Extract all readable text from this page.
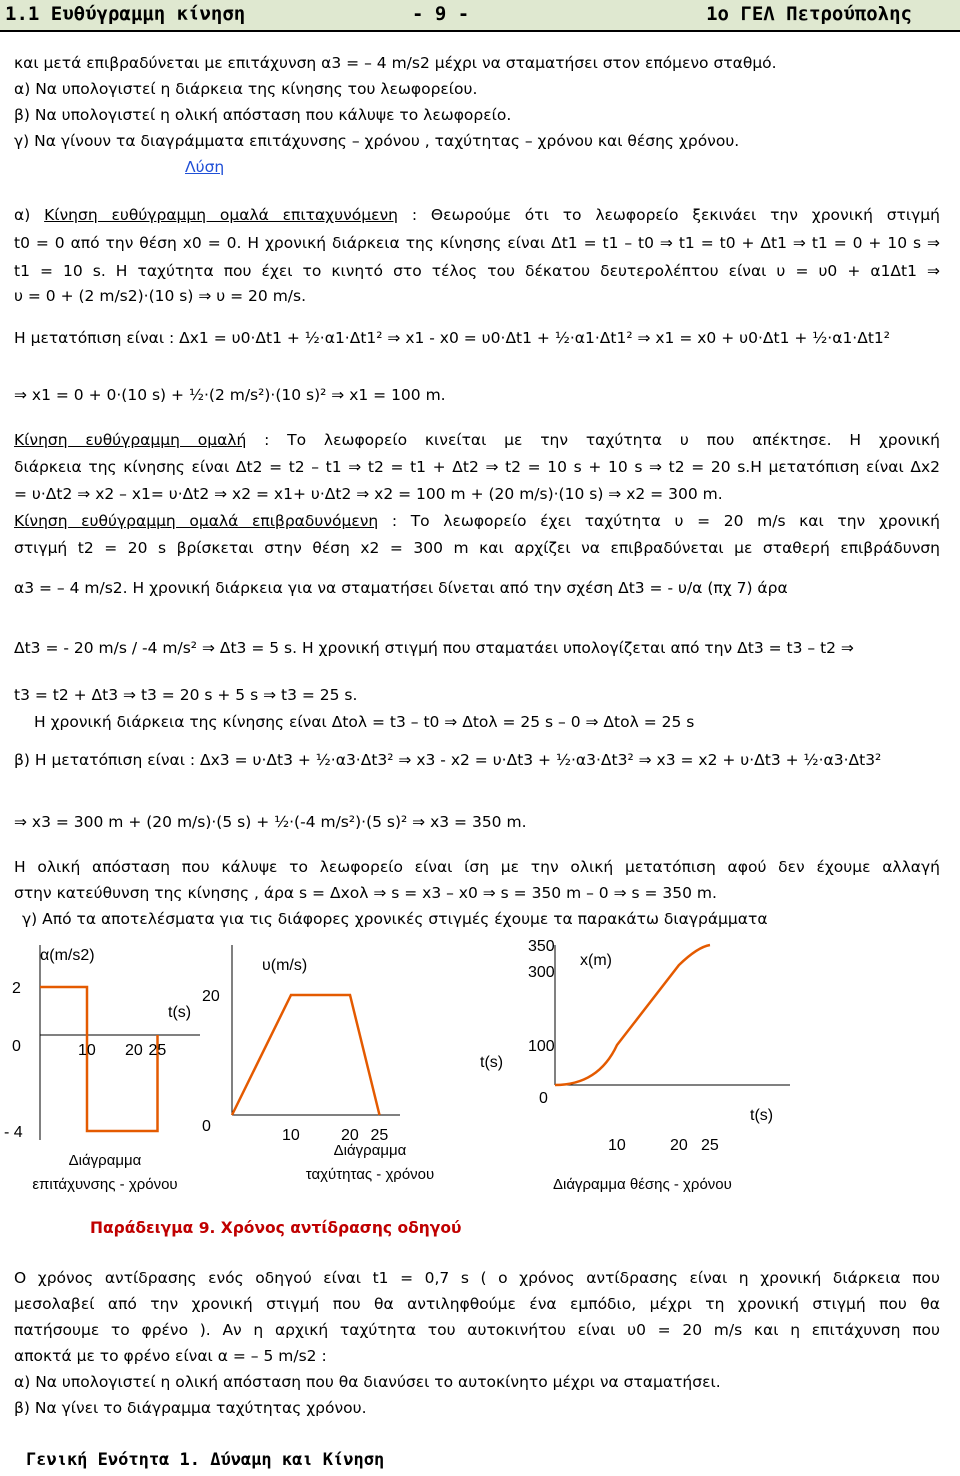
1.1 Ευθύγραμμη κίνηση	- 9 -	1ο ΓΕΛ Πετρούπολης
και μετά επιβραδύνεται με επιτάχυνση α3 = – 4 m/s2 μέχρι να σταματήσει στον επόμενο σταθμό.
α) Να υπολογιστεί η διάρκεια της κίνησης του λεωφορείου.
β) Να υπολογιστεί η ολική απόσταση που κάλυψε το λεωφορείο.
γ) Να γίνουν τα διαγράμματα επιτάχυνσης – χρόνου , ταχύτητας – χρόνου και θέσης χρόνου.
Λύση
α) Κίνηση ευθύγραμμη ομαλά επιταχυνόμενη : Θεωρούμε ότι το λεωφορείο ξεκινάει την χρονική στιγμή
t0 = 0 από την θέση x0 = 0. Η χρονική διάρκεια της κίνησης είναι Δt1 = t1 – t0 ⇒ t1 = t0 + Δt1 ⇒ t1 = 0 + 10 s ⇒
t1 = 10 s. Η ταχύτητα που έχει το κινητό στο τέλος του δέκατου δευτερολέπτου είναι υ = υ0 + α1Δt1 ⇒
υ = 0 + (2 m/s2)·(10 s) ⇒ υ = 20 m/s.
Η μετατόπιση είναι : Δx1 = υ0·Δt1 + ½·α1·Δt1² ⇒ x1 - x0 = υ0·Δt1 + ½·α1·Δt1² ⇒ x1 = x0 + υ0·Δt1 + ½·α1·Δt1²
⇒ x1 = 0 + 0·(10 s) + ½·(2 m/s²)·(10 s)² ⇒ x1 = 100 m.
Κίνηση ευθύγραμμη ομαλή : Το λεωφορείο κινείται με την ταχύτητα υ που απέκτησε. Η χρονική
διάρκεια της κίνησης είναι Δt2 = t2 – t1 ⇒ t2 = t1 + Δt2 ⇒ t2 = 10 s + 10 s ⇒ t2 = 20 s.Η μετατόπιση είναι Δx2
= υ·Δt2 ⇒ x2 – x1= υ·Δt2 ⇒ x2 = x1+ υ·Δt2 ⇒ x2 = 100 m + (20 m/s)·(10 s) ⇒ x2 = 300 m.
Κίνηση ευθύγραμμη ομαλά επιβραδυνόμενη : Το λεωφορείο έχει ταχύτητα υ = 20 m/s και την χρονική
στιγμή t2 = 20 s βρίσκεται στην θέση x2 = 300 m και αρχίζει να επιβραδύνεται με σταθερή επιβράδυνση
α3 = – 4 m/s2. Η χρονική διάρκεια για να σταματήσει δίνεται από την σχέση Δt3 = - υ/α (πχ 7) άρα
Δt3 = - 20 m/s / -4 m/s² ⇒ Δt3 = 5 s. Η χρονική στιγμή που σταματάει υπολογίζεται από την Δt3 = t3 – t2 ⇒
t3 = t2 + Δt3 ⇒ t3 = 20 s + 5 s ⇒ t3 = 25 s.
Η χρονική διάρκεια της κίνησης είναι Δtολ = t3 – t0 ⇒ Δtολ = 25 s – 0 ⇒ Δtολ = 25 s
β) Η μετατόπιση είναι : Δx3 = υ·Δt3 + ½·α3·Δt3² ⇒ x3 - x2 = υ·Δt3 + ½·α3·Δt3² ⇒ x3 = x2 + υ·Δt3 + ½·α3·Δt3²
⇒ x3 = 300 m + (20 m/s)·(5 s) + ½·(-4 m/s²)·(5 s)² ⇒ x3 = 350 m.
Η ολική απόσταση που κάλυψε το λεωφορείο είναι ίση με την ολική μετατόπιση αφού δεν έχουμε αλλαγή
στην κατεύθυνση της κίνησης , άρα s = Δxολ ⇒ s = x3 – x0 ⇒ s = 350 m – 0 ⇒ s = 350 m.
γ) Από τα αποτελέσματα για τις διάφορες χρονικές στιγμές έχουμε τα παρακάτω διαγράμματα
α(m/s2)
t(s)
10 20 25
2
0
- 4
Διάγραμμα
επιτάχυνσης - χρόνου
υ(m/s)
t(s)
10	20 25
20
0
Διάγραμμα
ταχύτητας - χρόνου
x(m)
t(s)
10	20 25
350
300
100
0
Διάγραμμα θέσης - χρόνου
Παράδειγμα 9. Χρόνος αντίδρασης οδηγού
Ο χρόνος αντίδρασης ενός οδηγού είναι t1 = 0,7 s ( ο χρόνος αντίδρασης είναι η χρονική διάρκεια που
μεσολαβεί από την χρονική στιγμή που θα αντιληφθούμε ένα εμπόδιο, μέχρι τη χρονική στιγμή που θα
πατήσουμε το φρένο ). Αν η αρχική ταχύτητα του αυτοκινήτου είναι υ0 = 20 m/s και η επιτάχυνση που
αποκτά με το φρένο είναι α = – 5 m/s2 :
α) Να υπολογιστεί η ολική απόσταση που θα διανύσει το αυτοκίνητο μέχρι να σταματήσει.
β) Να γίνει το διάγραμμα ταχύτητας χρόνου.
Γενική Ενότητα 1. Δύναμη και Κίνηση
